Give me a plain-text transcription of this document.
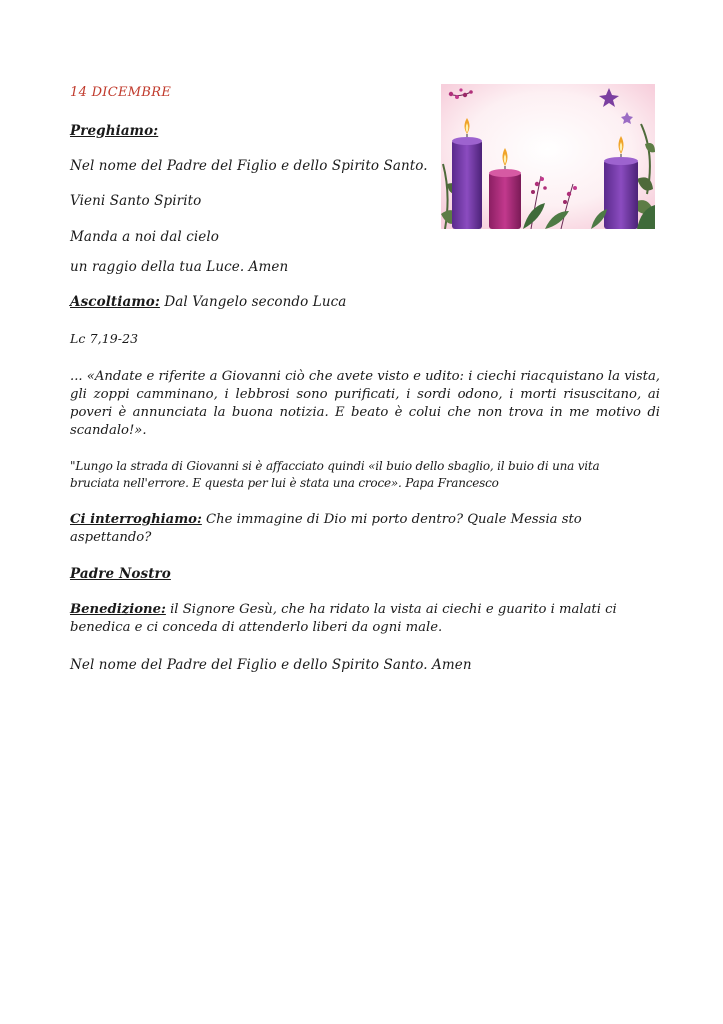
14 DICEMBRE
Preghiamo:
Nel nome del Padre del Figlio e dello Spirito Santo.
Vieni Santo Spirito
Manda a noi dal cielo
un raggio della tua Luce. Amen
Ascoltiamo: Dal Vangelo secondo Luca
Lc 7,19-23
... «Andate e riferite a Giovanni ciò che avete visto e udito: i ciechi riacquistano la vista, gli zoppi camminano, i lebbrosi sono purificati, i sordi odono, i morti risuscitano, ai poveri è annunciata la buona notizia. E beato è colui che non trova in me motivo di scandalo!».
"Lungo la strada di Giovanni si è affacciato quindi «il buio dello sbaglio, il buio di una vita bruciata nell'errore. E questa per lui è stata una croce». Papa Francesco
Ci interroghiamo: Che immagine di Dio mi porto dentro? Quale Messia sto aspettando?
Padre Nostro
Benedizione: il Signore Gesù, che ha ridato la vista ai ciechi e guarito i malati ci benedica e ci conceda di attenderlo liberi da ogni male.
Nel nome del Padre del Figlio e dello Spirito Santo. Amen
